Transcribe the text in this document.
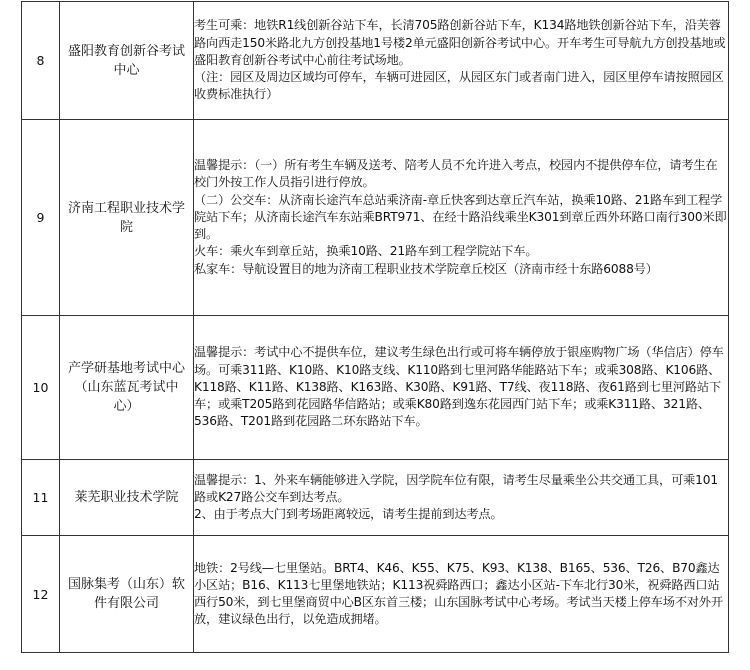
8	盛阳教育创新谷考试中心	考生可乘：地铁R1线创新谷站下车，长清705路创新谷站下车，K134路地铁创新谷站下车，沿芙蓉路向西走150米路北九方创投基地1号楼2单元盛阳创新谷考试中心。开车考生可导航九方创投基地或盛阳教育创新谷考试中心前往考试场地。
（注：园区及周边区域均可停车，车辆可进园区，从园区东门或者南门进入，园区里停车请按照园区收费标准执行）

9	济南工程职业技术学院	温馨提示：（一）所有考生车辆及送考、陪考人员不允许进入考点，校园内不提供停车位，请考生在校门外按工作人员指引进行停放。
（二）公交车：从济南长途汽车总站乘济南-章丘快客到达章丘汽车站，换乘10路、21路车到工程学院站下车；从济南长途汽车东站乘BRT971、在经十路沿线乘坐K301到章丘西外环路口南行300米即到。
火车：乘火车到章丘站，换乘10路、21路车到工程学院站下车。
私家车：导航设置目的地为济南工程职业技术学院章丘校区（济南市经十东路6088号）

10	产学研基地考试中心（山东蓝瓦考试中心）	温馨提示：考试中心不提供车位，建议考生绿色出行或可将车辆停放于银座购物广场（华信店）停车场。可乘311路、K10路、K10路支线、K110路到七里河路华能路站下车；或乘308路、K106路、K118路、K11路、K138路、K163路、K30路、K91路、T7线、夜118路、夜61路到七里河路站下车；或乘T205路到花园路华信路站；或乘K80路到逸东花园西门站下车；或乘K311路、321路、536路、T201路到花园路二环东路站下车。

11	莱芜职业技术学院	温馨提示：1、外来车辆能够进入学院，因学院车位有限，请考生尽量乘坐公共交通工具，可乘101路或K27路公交车到达考点。
2、由于考点大门到考场距离较远，请考生提前到达考点。

12	国脉集考（山东）软件有限公司	地铁：2号线—七里堡站。BRT4、K46、K55、K75、K93、K138、B165、536、T26、B70鑫达小区站；B16、K113七里堡地铁站；K113祝舜路西口；鑫达小区站-下车北行30米，祝舜路西口站西行50米，到七里堡商贸中心B区东首三楼；山东国脉考试中心考场。考试当天楼上停车场不对外开放，建议绿色出行，以免造成拥堵。
